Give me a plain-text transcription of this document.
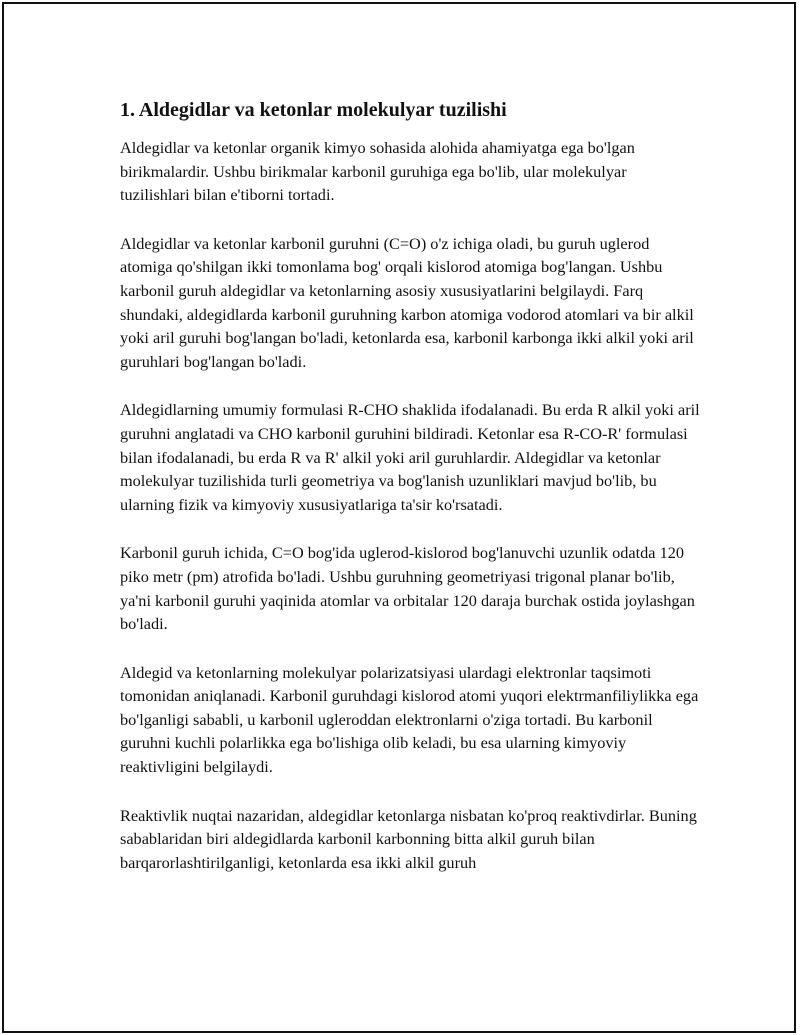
1. Aldegidlar va ketonlar molekulyar tuzilishi

Aldegidlar va ketonlar organik kimyo sohasida alohida ahamiyatga ega bo'lgan birikmalardir. Ushbu birikmalar karbonil guruhiga ega bo'lib, ular molekulyar tuzilishlari bilan e'tiborni tortadi.

Aldegidlar va ketonlar karbonil guruhni (C=O) o'z ichiga oladi, bu guruh uglerod atomiga qo'shilgan ikki tomonlama bog' orqali kislorod atomiga bog'langan. Ushbu karbonil guruh aldegidlar va ketonlarning asosiy xususiyatlarini belgilaydi. Farq shundaki, aldegidlarda karbonil guruhning karbon atomiga vodorod atomlari va bir alkil yoki aril guruhi bog'langan bo'ladi, ketonlarda esa, karbonil karbonga ikki alkil yoki aril guruhlari bog'langan bo'ladi.

Aldegidlarning umumiy formulasi R-CHO shaklida ifodalanadi. Bu erda R alkil yoki aril guruhni anglatadi va CHO karbonil guruhini bildiradi. Ketonlar esa R-CO-R' formulasi bilan ifodalanadi, bu erda R va R' alkil yoki aril guruhlardir. Aldegidlar va ketonlar molekulyar tuzilishida turli geometriya va bog'lanish uzunliklari mavjud bo'lib, bu ularning fizik va kimyoviy xususiyatlariga ta'sir ko'rsatadi.

Karbonil guruh ichida, C=O bog'ida uglerod-kislorod bog'lanuvchi uzunlik odatda 120 piko metr (pm) atrofida bo'ladi. Ushbu guruhning geometriyasi trigonal planar bo'lib, ya'ni karbonil guruhi yaqinida atomlar va orbitalar 120 daraja burchak ostida joylashgan bo'ladi.

Aldegid va ketonlarning molekulyar polarizatsiyasi ulardagi elektronlar taqsimoti tomonidan aniqlanadi. Karbonil guruhdagi kislorod atomi yuqori elektrmanfiliylikka ega bo'lganligi sababli, u karbonil ugleroddan elektronlarni o'ziga tortadi. Bu karbonil guruhni kuchli polarlikka ega bo'lishiga olib keladi, bu esa ularning kimyoviy reaktivligini belgilaydi.

Reaktivlik nuqtai nazaridan, aldegidlar ketonlarga nisbatan ko'proq reaktivdirlar. Buning sabablaridan biri aldegidlarda karbonil karbonning bitta alkil guruh bilan barqarorlashtirilganligi, ketonlarda esa ikki alkil guruh
